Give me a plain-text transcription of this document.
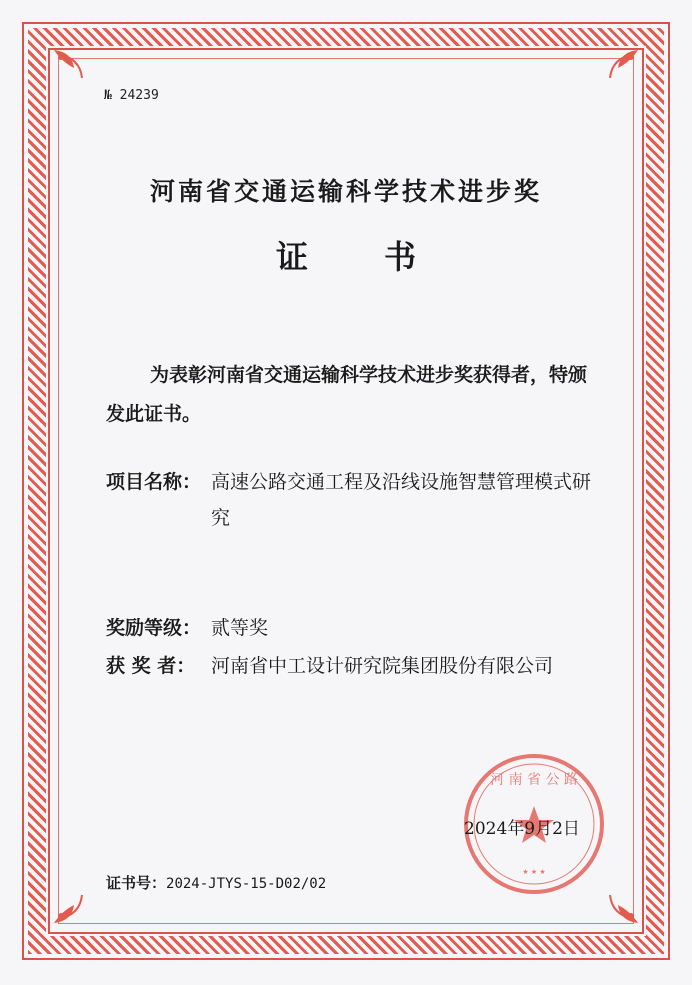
№ 24239
河南省交通运输科学技术进步奖
证书
为表彰河南省交通运输科学技术进步奖获得者，特颁发此证书。
项目名称： 高速公路交通工程及沿线设施智慧管理模式研究
奖励等级： 贰等奖
获 奖 者： 河南省中工设计研究院集团股份有限公司
河 南 省 公 路
★ ★ ★
2024年9月2日
证书号：2024-JTYS-15-D02/02
